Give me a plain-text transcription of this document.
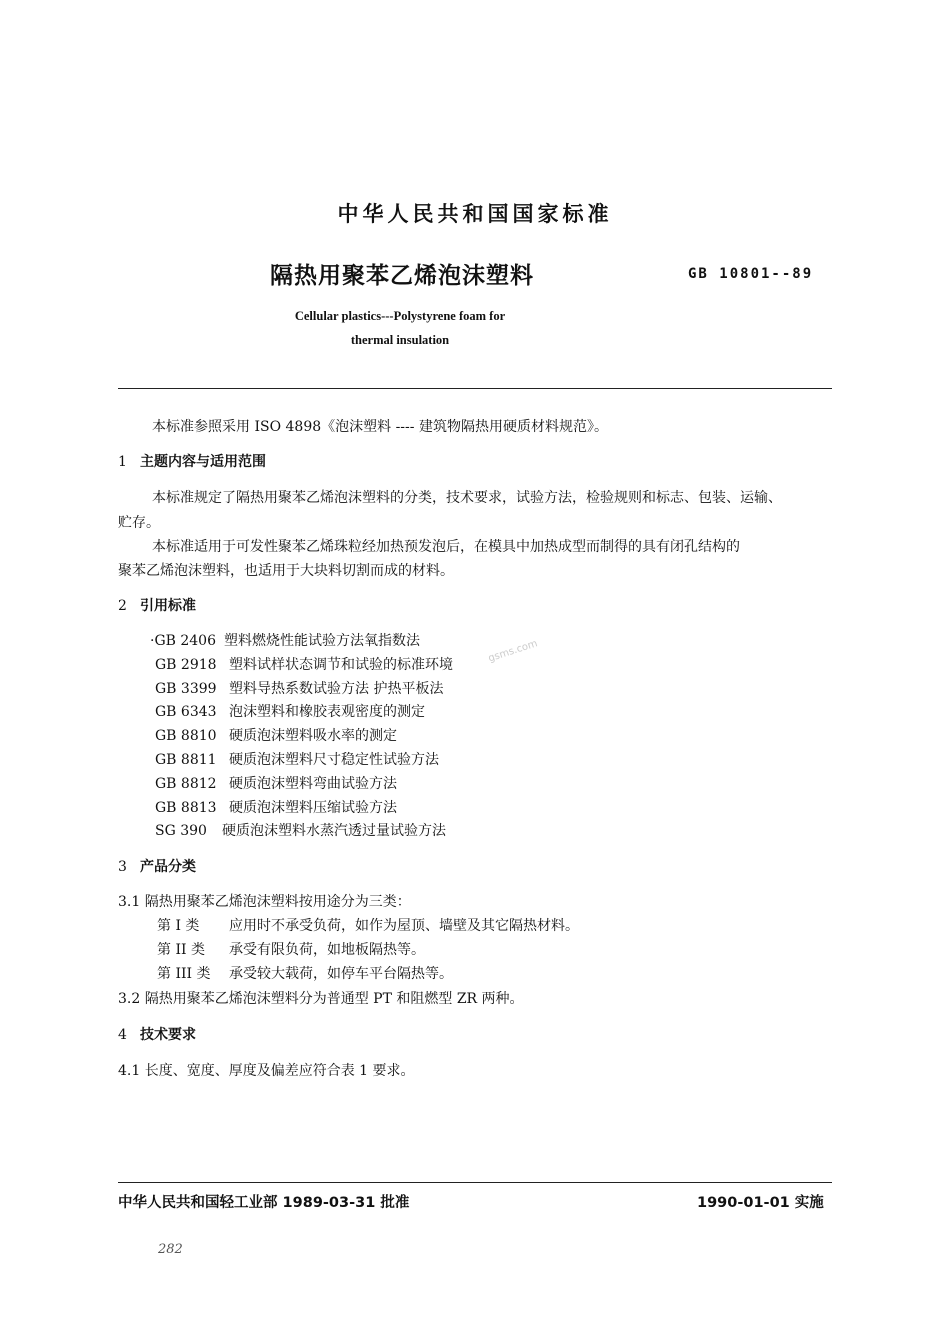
中华人民共和国国家标准
隔热用聚苯乙烯泡沫塑料	GB 10801--89
Cellular plastics---Polystyrene foam for
thermal insulation
本标准参照采用 ISO 4898《泡沫塑料 ---- 建筑物隔热用硬质材料规范》。
1 主题内容与适用范围
本标准规定了隔热用聚苯乙烯泡沫塑料的分类，技术要求，试验方法，检验规则和标志、包装、运输、
贮存。
本标准适用于可发性聚苯乙烯珠粒经加热预发泡后，在模具中加热成型而制得的具有闭孔结构的
聚苯乙烯泡沫塑料，也适用于大块料切割而成的材料。
2 引用标准
·GB 2406 塑料燃烧性能试验方法氧指数法
GB 2918 塑料试样状态调节和试验的标准环境
GB 3399 塑料导热系数试验方法 护热平板法
GB 6343 泡沫塑料和橡胶表观密度的测定
GB 8810 硬质泡沫塑料吸水率的测定
GB 8811 硬质泡沫塑料尺寸稳定性试验方法
GB 8812 硬质泡沫塑料弯曲试验方法
GB 8813 硬质泡沫塑料压缩试验方法
SG 390 硬质泡沫塑料水蒸汽透过量试验方法
3 产品分类
3.1 隔热用聚苯乙烯泡沫塑料按用途分为三类：
第 I 类 应用时不承受负荷，如作为屋顶、墙壁及其它隔热材料。
第 II 类 承受有限负荷，如地板隔热等。
第 III 类 承受较大载荷，如停车平台隔热等。
3.2 隔热用聚苯乙烯泡沫塑料分为普通型 PT 和阻燃型 ZR 两种。
4 技术要求
4.1 长度、宽度、厚度及偏差应符合表 1 要求。
中华人民共和国轻工业部 1989-03-31 批准	1990-01-01 实施
282
gsms.com
